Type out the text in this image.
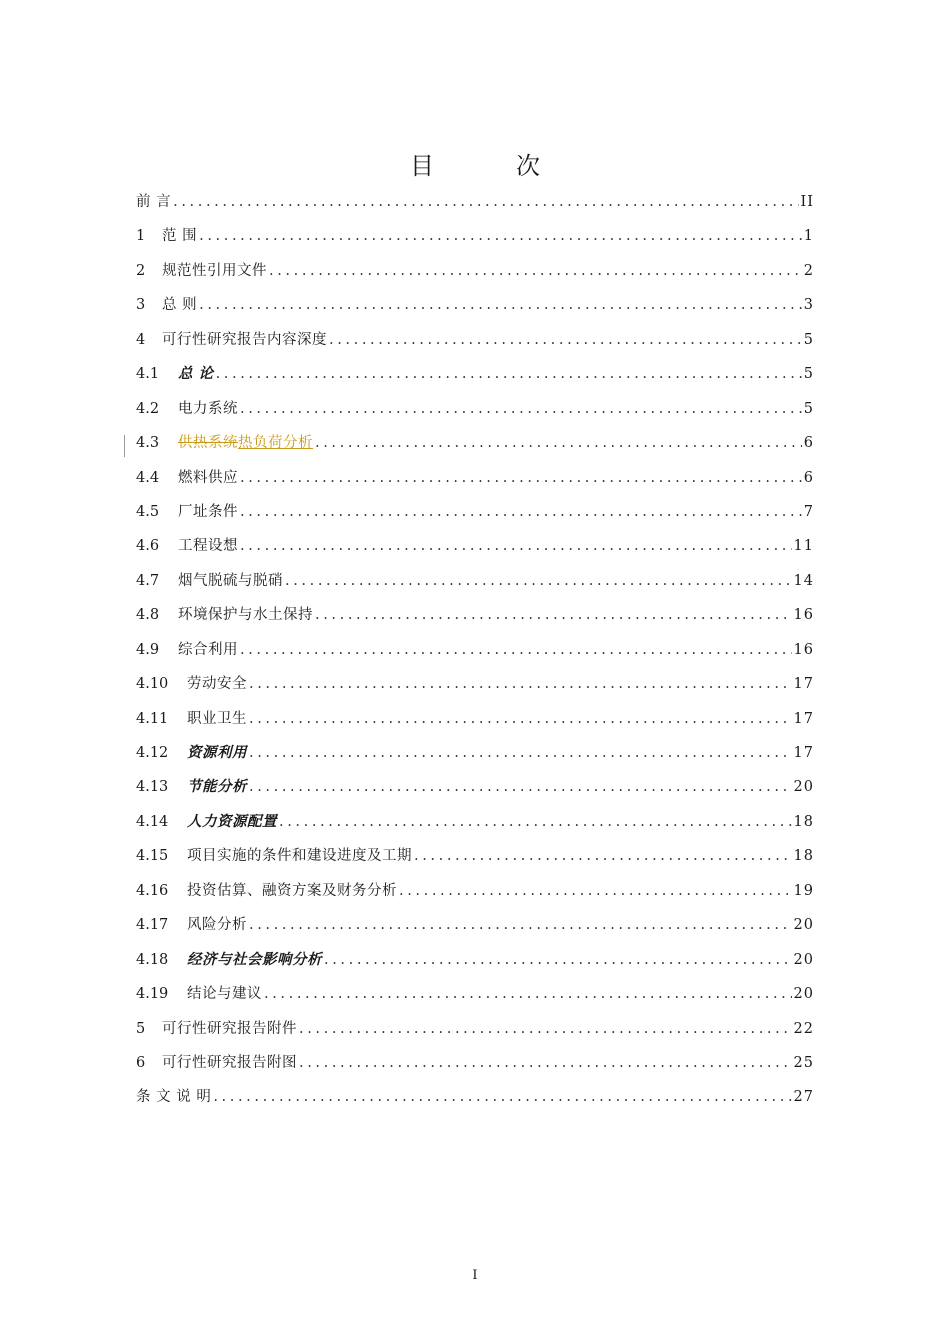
目	次
前 言 .....	II
1	范 围 .....	1
2	规范性引用文件 .....	2
3	总 则 .....	3
4	可行性研究报告内容深度 .....	5
4.1	总 论 .....	5
4.2	电力系统 .....	5
4.3	供热系统热负荷分析 .....	6
4.4	燃料供应 .....	6
4.5	厂址条件 .....	7
4.6	工程设想 .....	11
4.7	烟气脱硫与脱硝 .....	14
4.8	环境保护与水土保持 .....	16
4.9	综合利用 .....	16
4.10	劳动安全 .....	17
4.11	职业卫生 .....	17
4.12	资源利用 .....	17
4.13	节能分析 .....	20
4.14	人力资源配置 .....	18
4.15	项目实施的条件和建设进度及工期 .....	18
4.16	投资估算、融资方案及财务分析 .....	19
4.17	风险分析 .....	20
4.18	经济与社会影响分析 .....	20
4.19	结论与建议 .....	20
5	可行性研究报告附件 .....	22
6	可行性研究报告附图 .....	25
条 文 说 明 .....	27
I
